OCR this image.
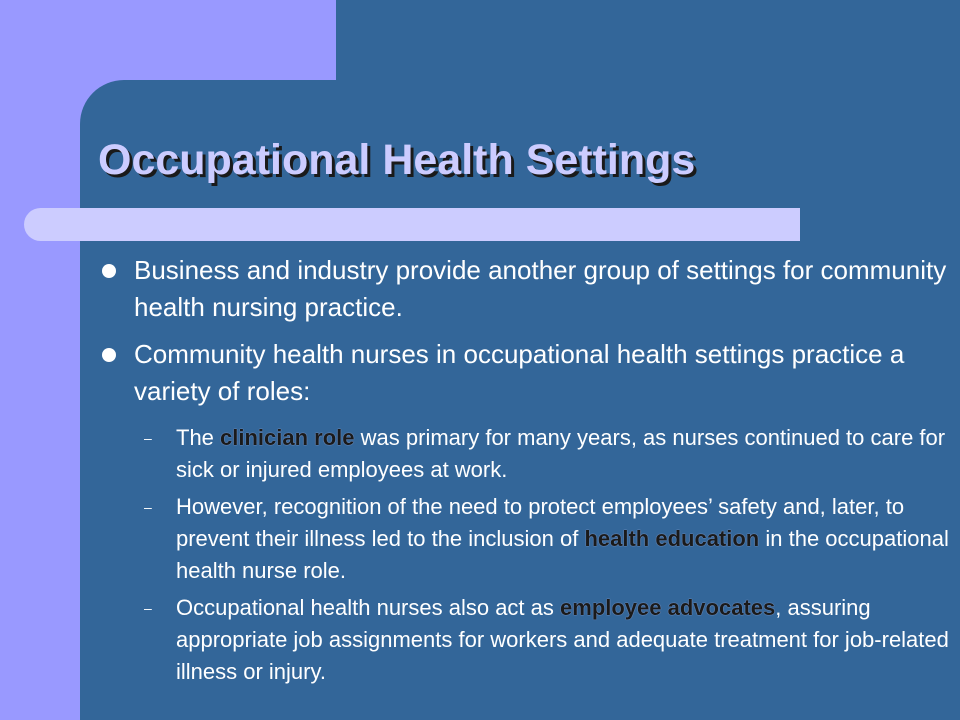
Occupational Health Settings
Business and industry provide another group of settings for community health nursing practice.
Community health nurses in occupational health settings practice a variety of roles:
– The clinician role was primary for many years, as nurses continued to care for sick or injured employees at work.
– However, recognition of the need to protect employees’ safety and, later, to prevent their illness led to the inclusion of health education in the occupational health nurse role.
– Occupational health nurses also act as employee advocates, assuring appropriate job assignments for workers and adequate treatment for job-related illness or injury.
